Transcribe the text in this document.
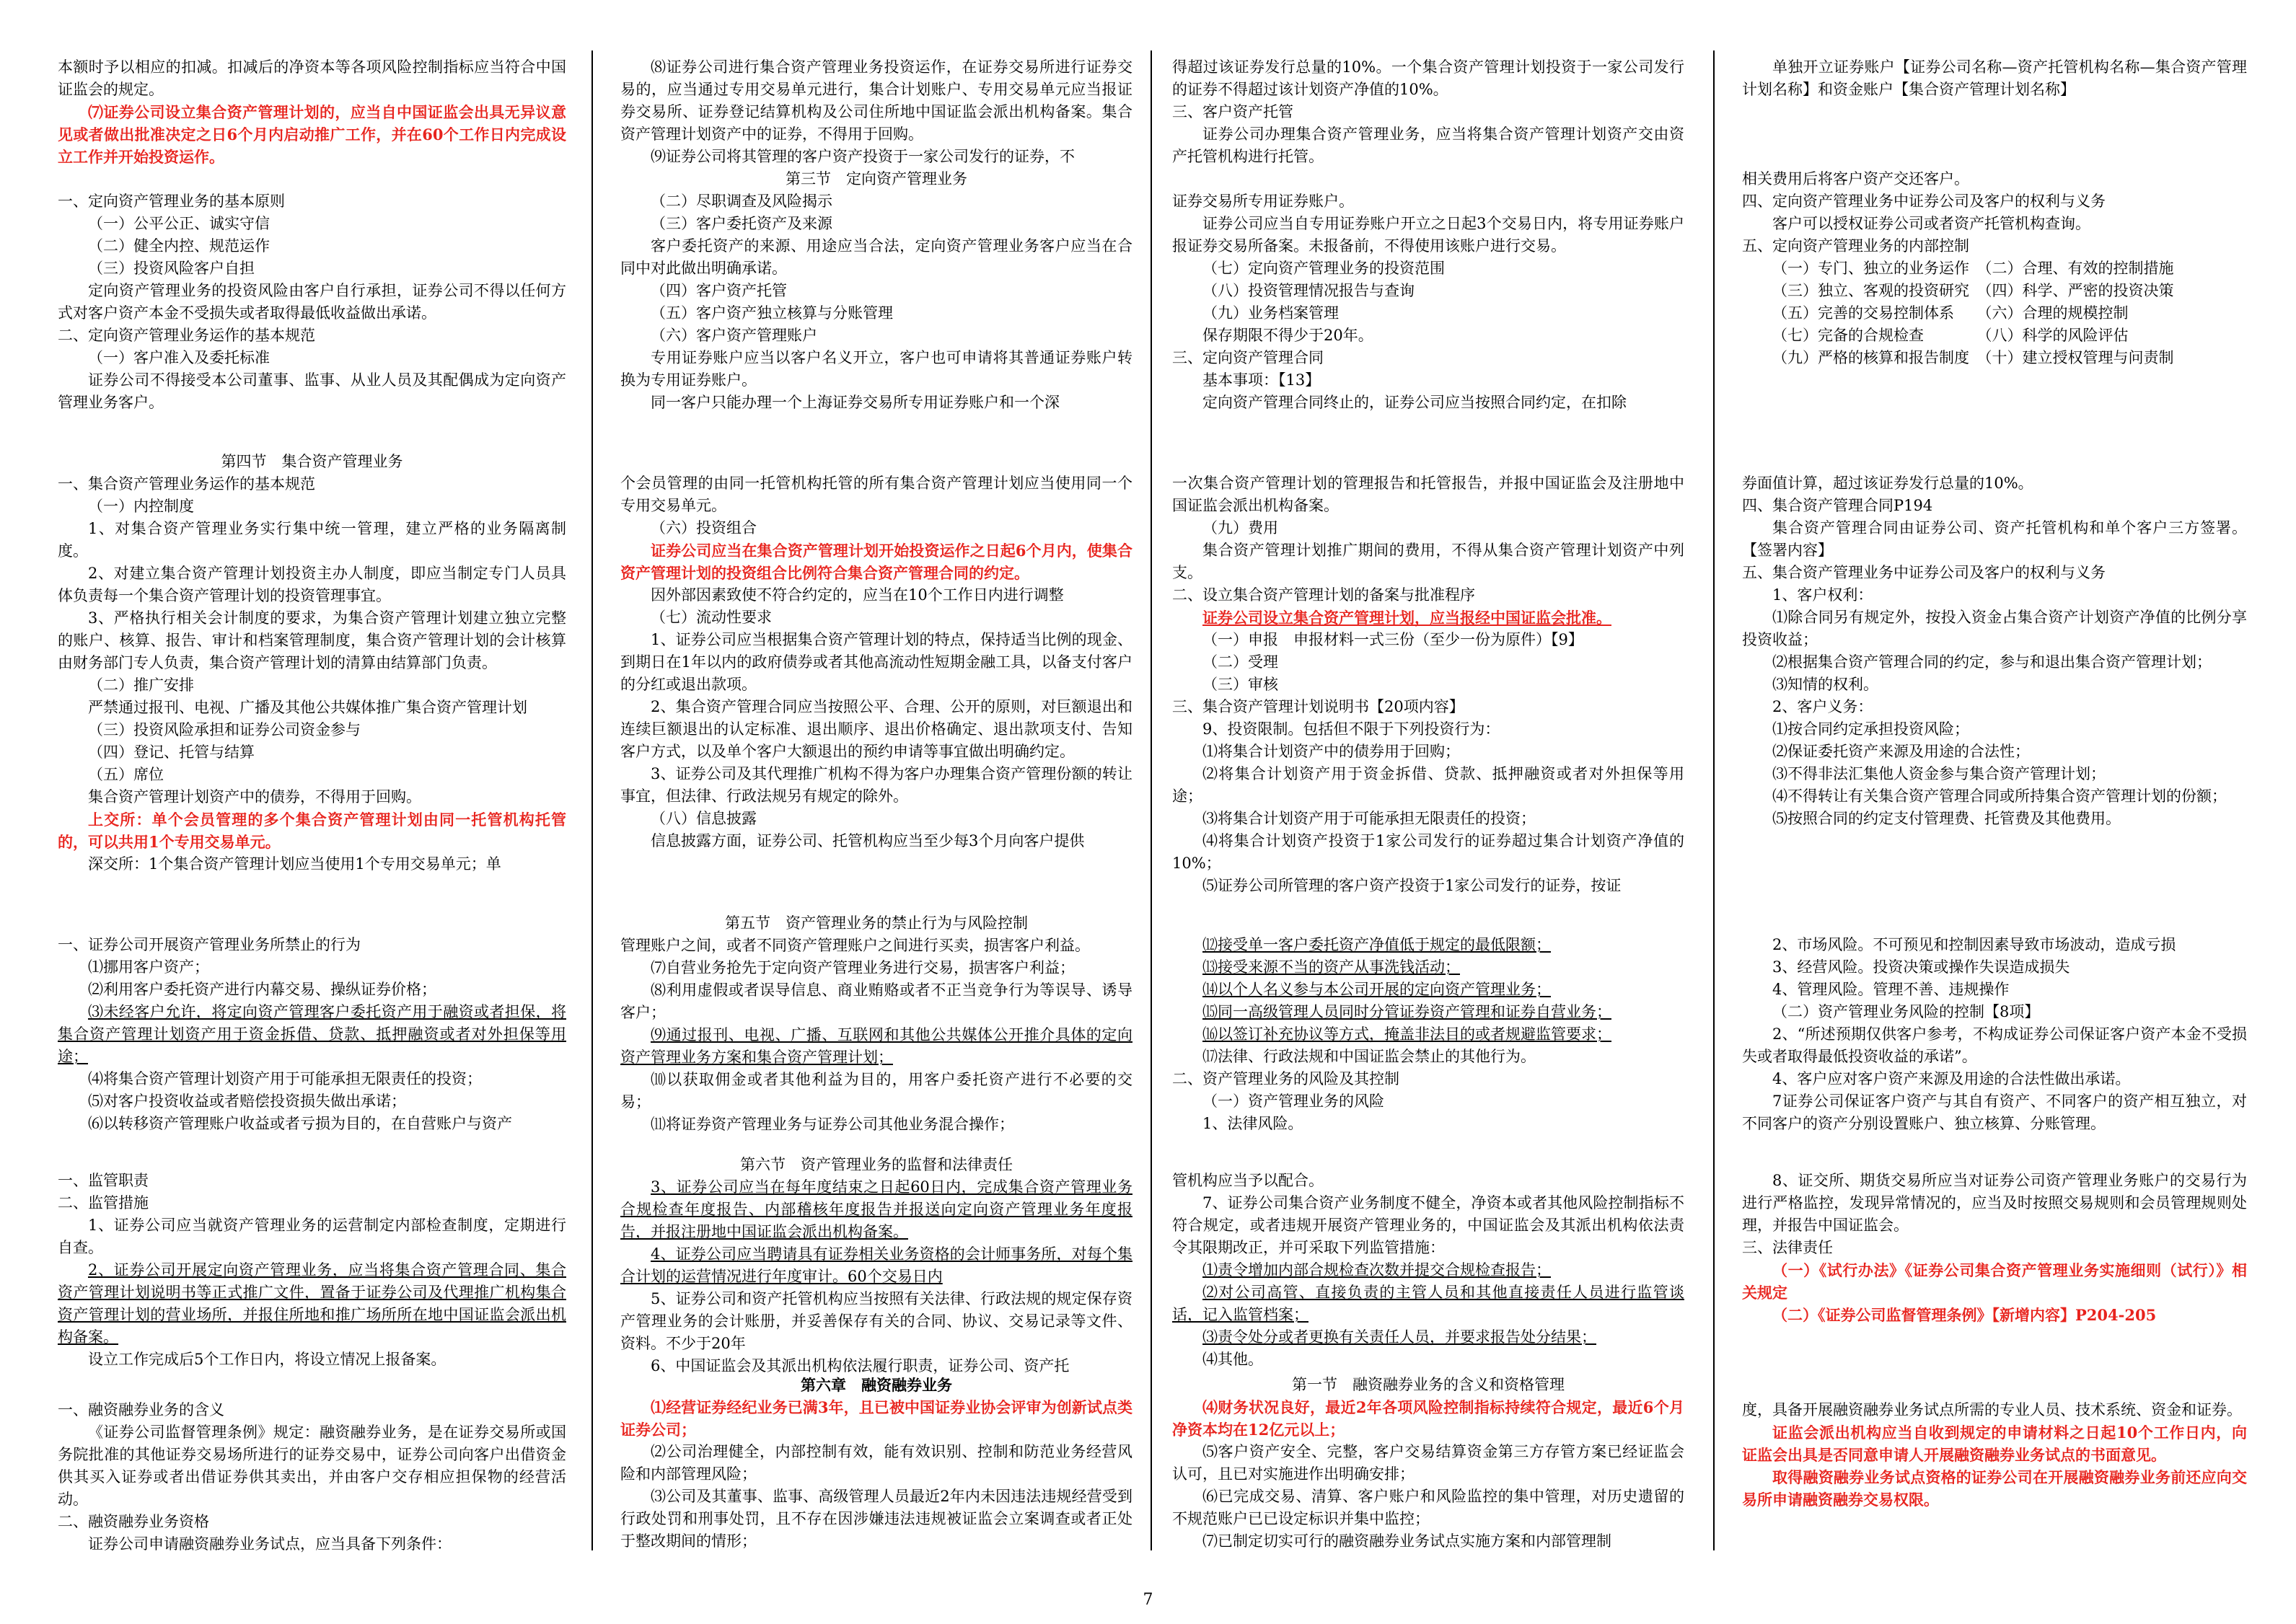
本额时予以相应的扣减。扣减后的净资本等各项风险控制指标应当符合中国证监会的规定。

⑺证券公司设立集合资产管理计划的，应当自中国证监会出具无异议意见或者做出批准决定之日6个月内启动推广工作，并在60个工作日内完成设立工作并开始投资运作。

一、定向资产管理业务的基本原则

（一）公平公正、诚实守信

（二）健全内控、规范运作

（三）投资风险客户自担

定向资产管理业务的投资风险由客户自行承担，证券公司不得以任何方式对客户资产本金不受损失或者取得最低收益做出承诺。

二、定向资产管理业务运作的基本规范

（一）客户准入及委托标准

证券公司不得接受本公司董事、监事、从业人员及其配偶成为定向资产管理业务客户。

⑻证券公司进行集合资产管理业务投资运作，在证券交易所进行证券交易的，应当通过专用交易单元进行，集合计划账户、专用交易单元应当报证券交易所、证券登记结算机构及公司住所地中国证监会派出机构备案。集合资产管理计划资产中的证券，不得用于回购。

⑼证券公司将其管理的客户资产投资于一家公司发行的证券，不

第三节　定向资产管理业务

（二）尽职调查及风险揭示

（三）客户委托资产及来源

客户委托资产的来源、用途应当合法，定向资产管理业务客户应当在合同中对此做出明确承诺。

（四）客户资产托管

（五）客户资产独立核算与分账管理

（六）客户资产管理账户

专用证券账户应当以客户名义开立，客户也可申请将其普通证券账户转换为专用证券账户。

同一客户只能办理一个上海证券交易所专用证券账户和一个深

得超过该证券发行总量的10%。一个集合资产管理计划投资于一家公司发行的证券不得超过该计划资产净值的10%。

三、客户资产托管

证券公司办理集合资产管理业务，应当将集合资产管理计划资产交由资产托管机构进行托管。

证券交易所专用证券账户。

证券公司应当自专用证券账户开立之日起3个交易日内，将专用证券账户报证券交易所备案。未报备前，不得使用该账户进行交易。

（七）定向资产管理业务的投资范围

（八）投资管理情况报告与查询

（九）业务档案管理

保存期限不得少于20年。

三、定向资产管理合同

基本事项：【13】

定向资产管理合同终止的，证券公司应当按照合同约定，在扣除

单独开立证券账户【证券公司名称—资产托管机构名称—集合资产管理计划名称】和资金账户【集合资产管理计划名称】

相关费用后将客户资产交还客户。

四、定向资产管理业务中证券公司及客户的权利与义务

客户可以授权证券公司或者资产托管机构查询。

五、定向资产管理业务的内部控制

（一）专门、独立的业务运作　（二）合理、有效的控制措施

（三）独立、客观的投资研究　（四）科学、严密的投资决策

（五）完善的交易控制体系　　（六）合理的规模控制

（七）完备的合规检查　　　　（八）科学的风险评估

（九）严格的核算和报告制度　（十）建立授权管理与问责制

第四节　集合资产管理业务

一、集合资产管理业务运作的基本规范

（一）内控制度

1、对集合资产管理业务实行集中统一管理，建立严格的业务隔离制度。

2、对建立集合资产管理计划投资主办人制度，即应当制定专门人员具体负责每一个集合资产管理计划的投资管理事宜。

3、严格执行相关会计制度的要求，为集合资产管理计划建立独立完整的账户、核算、报告、审计和档案管理制度，集合资产管理计划的会计核算由财务部门专人负责，集合资产管理计划的清算由结算部门负责。

（二）推广安排

严禁通过报刊、电视、广播及其他公共媒体推广集合资产管理计划

（三）投资风险承担和证券公司资金参与

（四）登记、托管与结算

（五）席位

集合资产管理计划资产中的债券，不得用于回购。

上交所：单个会员管理的多个集合资产管理计划由同一托管机构托管的，可以共用1个专用交易单元。

深交所：1个集合资产管理计划应当使用1个专用交易单元；单

个会员管理的由同一托管机构托管的所有集合资产管理计划应当使用同一个专用交易单元。

（六）投资组合

证券公司应当在集合资产管理计划开始投资运作之日起6个月内，使集合资产管理计划的投资组合比例符合集合资产管理合同的约定。

因外部因素致使不符合约定的，应当在10个工作日内进行调整

（七）流动性要求

1、证券公司应当根据集合资产管理计划的特点，保持适当比例的现金、到期日在1年以内的政府债券或者其他高流动性短期金融工具，以备支付客户的分红或退出款项。

2、集合资产管理合同应当按照公平、合理、公开的原则，对巨额退出和连续巨额退出的认定标准、退出顺序、退出价格确定、退出款项支付、告知客户方式，以及单个客户大额退出的预约申请等事宜做出明确约定。

3、证券公司及其代理推广机构不得为客户办理集合资产管理份额的转让事宜，但法律、行政法规另有规定的除外。

（八）信息披露

信息披露方面，证券公司、托管机构应当至少每3个月向客户提供

一次集合资产管理计划的管理报告和托管报告，并报中国证监会及注册地中国证监会派出机构备案。

（九）费用

集合资产管理计划推广期间的费用，不得从集合资产管理计划资产中列支。

二、设立集合资产管理计划的备案与批准程序

证券公司设立集合资产管理计划，应当报经中国证监会批准。

（一）申报　申报材料一式三份（至少一份为原件）【9】

（二）受理

（三）审核

三、集合资产管理计划说明书【20项内容】

9、投资限制。包括但不限于下列投资行为：

⑴将集合计划资产中的债券用于回购；

⑵将集合计划资产用于资金拆借、贷款、抵押融资或者对外担保等用途；

⑶将集合计划资产用于可能承担无限责任的投资；

⑷将集合计划资产投资于1家公司发行的证券超过集合计划资产净值的10%；

⑸证券公司所管理的客户资产投资于1家公司发行的证券，按证

券面值计算，超过该证券发行总量的10%。

四、集合资产管理合同P194

集合资产管理合同由证券公司、资产托管机构和单个客户三方签署。【签署内容】

五、集合资产管理业务中证券公司及客户的权利与义务

1、客户权利：

⑴除合同另有规定外，按投入资金占集合资产计划资产净值的比例分享投资收益；

⑵根据集合资产管理合同的约定，参与和退出集合资产管理计划；

⑶知情的权利。

2、客户义务：

⑴按合同约定承担投资风险；

⑵保证委托资产来源及用途的合法性；

⑶不得非法汇集他人资金参与集合资产管理计划；

⑷不得转让有关集合资产管理合同或所持集合资产管理计划的份额；

⑸按照合同的约定支付管理费、托管费及其他费用。

一、证券公司开展资产管理业务所禁止的行为

⑴挪用客户资产；

⑵利用客户委托资产进行内幕交易、操纵证券价格；

⑶未经客户允许，将定向资产管理客户委托资产用于融资或者担保，将集合资产管理计划资产用于资金拆借、贷款、抵押融资或者对外担保等用途；

⑷将集合资产管理计划资产用于可能承担无限责任的投资；

⑸对客户投资收益或者赔偿投资损失做出承诺；

⑹以转移资产管理账户收益或者亏损为目的，在自营账户与资产

第五节　资产管理业务的禁止行为与风险控制

管理账户之间，或者不同资产管理账户之间进行买卖，损害客户利益。

⑺自营业务抢先于定向资产管理业务进行交易，损害客户利益；

⑻利用虚假或者误导信息、商业贿赂或者不正当竞争行为等误导、诱导客户；

⑼通过报刊、电视、广播、互联网和其他公共媒体公开推介具体的定向资产管理业务方案和集合资产管理计划；

⑽以获取佣金或者其他利益为目的，用客户委托资产进行不必要的交易；

⑾将证券资产管理业务与证券公司其他业务混合操作；

⑿接受单一客户委托资产净值低于规定的最低限额；

⒀接受来源不当的资产从事洗钱活动；

⒁以个人名义参与本公司开展的定向资产管理业务；

⒂同一高级管理人员同时分管证券资产管理和证券自营业务；

⒃以签订补充协议等方式，掩盖非法目的或者规避监管要求；

⒄法律、行政法规和中国证监会禁止的其他行为。

二、资产管理业务的风险及其控制

（一）资产管理业务的风险

1、法律风险。

2、市场风险。不可预见和控制因素导致市场波动，造成亏损

3、经营风险。投资决策或操作失误造成损失

4、管理风险。管理不善、违规操作

（二）资产管理业务风险的控制【8项】

2、“所述预期仅供客户参考，不构成证券公司保证客户资产本金不受损失或者取得最低投资收益的承诺”。

4、客户应对客户资产来源及用途的合法性做出承诺。

7证券公司保证客户资产与其自有资产、不同客户的资产相互独立，对不同客户的资产分别设置账户、独立核算、分账管理。

一、监管职责

二、监管措施

1、证券公司应当就资产管理业务的运营制定内部检查制度，定期进行自查。

2、证券公司开展定向资产管理业务，应当将集合资产管理合同、集合资产管理计划说明书等正式推广文件，置备于证券公司及代理推广机构集合资产管理计划的营业场所，并报住所地和推广场所所在地中国证监会派出机构备案。

设立工作完成后5个工作日内，将设立情况上报备案。

第六节　资产管理业务的监督和法律责任

3、证券公司应当在每年度结束之日起60日内，完成集合资产管理业务合规检查年度报告、内部稽核年度报告并报送向定向资产管理业务年度报告，并报注册地中国证监会派出机构备案。

4、证券公司应当聘请具有证券相关业务资格的会计师事务所，对每个集合计划的运营情况进行年度审计。60个交易日内

5、证券公司和资产托管机构应当按照有关法律、行政法规的规定保存资产管理业务的会计账册，并妥善保存有关的合同、协议、交易记录等文件、资料。不少于20年

6、中国证监会及其派出机构依法履行职责，证券公司、资产托

管机构应当予以配合。

7、证券公司集合资产业务制度不健全，净资本或者其他风险控制指标不符合规定，或者违规开展资产管理业务的，中国证监会及其派出机构依法责令其限期改正，并可采取下列监管措施：

⑴责令增加内部合规检查次数并提交合规检查报告；

⑵对公司高管、直接负责的主管人员和其他直接责任人员进行监管谈话，记入监管档案；

⑶责令处分或者更换有关责任人员，并要求报告处分结果；

⑷其他。

8、证交所、期货交易所应当对证券公司资产管理业务账户的交易行为进行严格监控，发现异常情况的，应当及时按照交易规则和会员管理规则处理，并报告中国证监会。

三、法律责任

（一）《试行办法》《证券公司集合资产管理业务实施细则（试行）》相关规定

（二）《证券公司监督管理条例》【新增内容】P204-205

一、融资融券业务的含义

《证券公司监督管理条例》规定：融资融券业务，是在证券交易所或国务院批准的其他证券交易场所进行的证券交易中，证券公司向客户出借资金供其买入证券或者出借证券供其卖出，并由客户交存相应担保物的经营活动。

二、融资融券业务资格

证券公司申请融资融券业务试点，应当具备下列条件：

第六章　融资融券业务

⑴经营证券经纪业务已满3年，且已被中国证券业协会评审为创新试点类证券公司；

⑵公司治理健全，内部控制有效，能有效识别、控制和防范业务经营风险和内部管理风险；

⑶公司及其董事、监事、高级管理人员最近2年内未因违法违规经营受到行政处罚和刑事处罚，且不存在因涉嫌违法违规被证监会立案调查或者正处于整改期间的情形；

第一节　融资融券业务的含义和资格管理

⑷财务状况良好，最近2年各项风险控制指标持续符合规定，最近6个月净资本均在12亿元以上；

⑸客户资产安全、完整，客户交易结算资金第三方存管方案已经证监会认可，且已对实施进作出明确安排；

⑹已完成交易、清算、客户账户和风险监控的集中管理，对历史遗留的不规范账户已已设定标识并集中监控；

⑺已制定切实可行的融资融券业务试点实施方案和内部管理制

度，具备开展融资融券业务试点所需的专业人员、技术系统、资金和证券。

证监会派出机构应当自收到规定的申请材料之日起10个工作日内，向证监会出具是否同意申请人开展融资融券业务试点的书面意见。

取得融资融券业务试点资格的证券公司在开展融资融券业务前还应向交易所申请融资融券交易权限。

7
